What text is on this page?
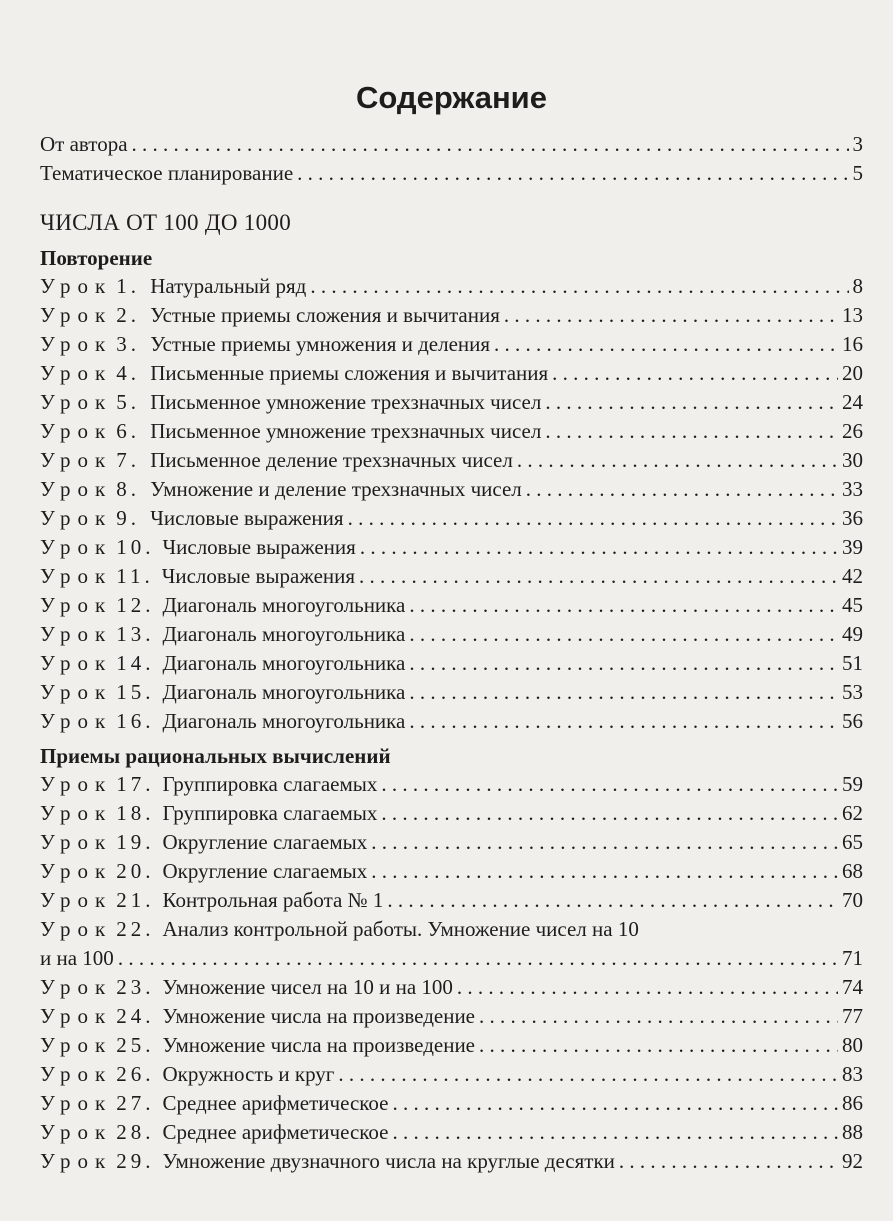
Содержание
От автора . . .	3
Тематическое планирование . . .	5
ЧИСЛА ОТ 100 ДО 1000
Повторение
Урок 1. Натуральный ряд . . .	8
Урок 2. Устные приемы сложения и вычитания . . .	13
Урок 3. Устные приемы умножения и деления . . .	16
Урок 4. Письменные приемы сложения и вычитания . . .	20
Урок 5. Письменное умножение трехзначных чисел . . .	24
Урок 6. Письменное умножение трехзначных чисел . . .	26
Урок 7. Письменное деление трехзначных чисел . . .	30
Урок 8. Умножение и деление трехзначных чисел . . .	33
Урок 9. Числовые выражения . . .	36
Урок 10. Числовые выражения . . .	39
Урок 11. Числовые выражения . . .	42
Урок 12. Диагональ многоугольника . . .	45
Урок 13. Диагональ многоугольника . . .	49
Урок 14. Диагональ многоугольника . . .	51
Урок 15. Диагональ многоугольника . . .	53
Урок 16. Диагональ многоугольника . . .	56
Приемы рациональных вычислений
Урок 17. Группировка слагаемых . . .	59
Урок 18. Группировка слагаемых . . .	62
Урок 19. Округление слагаемых . . .	65
Урок 20. Округление слагаемых . . .	68
Урок 21. Контрольная работа № 1 . . .	70
Урок 22. Анализ контрольной работы. Умножение чисел на 10
и на 100 . . .	71
Урок 23. Умножение чисел на 10 и на 100 . . .	74
Урок 24. Умножение числа на произведение . . .	77
Урок 25. Умножение числа на произведение . . .	80
Урок 26. Окружность и круг . . .	83
Урок 27. Среднее арифметическое . . .	86
Урок 28. Среднее арифметическое . . .	88
Урок 29. Умножение двузначного числа на круглые десятки . . .	92
